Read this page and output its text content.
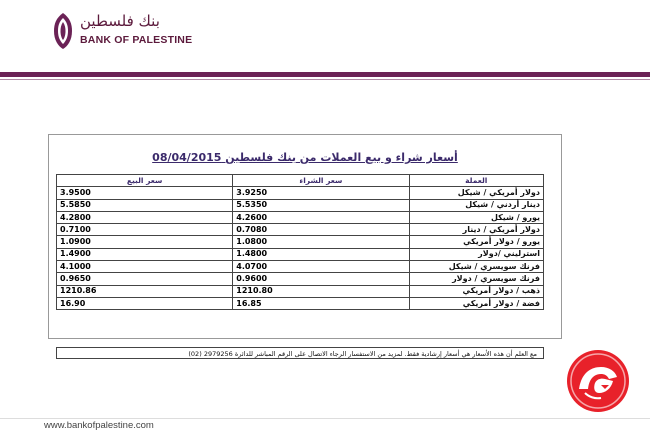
بنك فلسطين
BANK OF PALESTINE
أسعار شراء و بيع العملات من بنك فلسطين 08/04/2015
سعر البيع	سعر الشراء	العملة
3.9500	3.9250	دولار أمريكي / شيكل
5.5850	5.5350	دينار أردني / شيكل
4.2800	4.2600	يورو / شيكل
0.7100	0.7080	دولار أمريكي / دينار
1.0900	1.0800	يورو / دولار أمريكي
1.4900	1.4800	استرليني /دولار
4.1000	4.0700	فرنك سويسري / شيكل
0.9650	0.9600	فرنك سويسري / دولار
1210.86	1210.80	ذهب / دولار أمريكي
16.90	16.85	فضة / دولار أمريكي
مع العلم أن هذه الأسعار هي أسعار إرشادية فقط. لمزيد من الاستفسار الرجاء الاتصال على الرقم المباشر للدائرة 2979256 (02)
www.bankofpalestine.com
